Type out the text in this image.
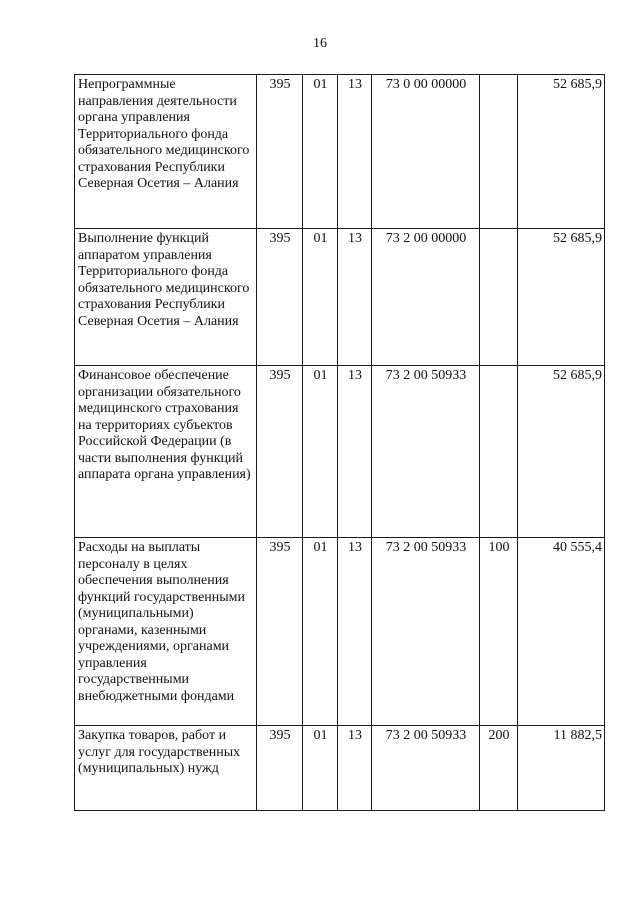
16
Непрограммные направления деятельности органа управления Территориального фонда обязательного медицинского страхования Республики Северная Осетия – Алания	395	01	13	73 0 00 00000		52 685,9
Выполнение функций аппаратом управления Территориального фонда обязательного медицинского страхования Республики Северная Осетия – Алания	395	01	13	73 2 00 00000		52 685,9
Финансовое обеспечение организации обязательного медицинского страхования на территориях субъектов Российской Федерации (в части выполнения функций аппарата органа управления)	395	01	13	73 2 00 50933		52 685,9
Расходы на выплаты персоналу в целях обеспечения выполнения функций государственными (муниципальными) органами, казенными учреждениями, органами управления государственными внебюджетными фондами	395	01	13	73 2 00 50933	100	40 555,4
Закупка товаров, работ и услуг для государственных (муниципальных) нужд	395	01	13	73 2 00 50933	200	11 882,5
